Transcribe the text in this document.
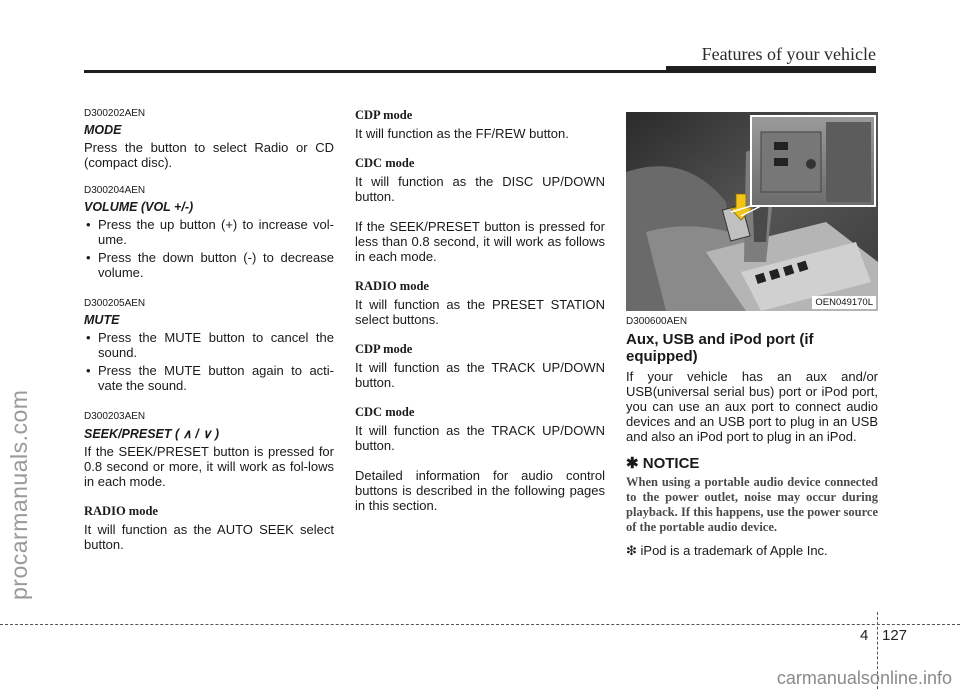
Features of your vehicle
procarmanuals.com
D300202AEN
MODE

Press the button to select Radio or CD (compact disc).

D300204AEN
VOLUME (VOL +/-)
• Press the up button (+) to increase vol-ume.
• Press the down button (-) to decrease volume.
D300205AEN
MUTE
• Press the MUTE button to cancel the sound.
• Press the MUTE button again to acti-vate the sound.
D300203AEN
SEEK/PRESET ( ∧ / ∨ )

If the SEEK/PRESET button is pressed for 0.8 second or more, it will work as fol-lows in each mode.

RADIO mode

It will function as the AUTO SEEK select button.

CDP mode

It will function as the FF/REW button.

CDC mode

It will function as the DISC UP/DOWN button.

If the SEEK/PRESET button is pressed for less than 0.8 second, it will work as follows in each mode.

RADIO mode

It will function as the PRESET STATION select buttons.

CDP mode

It will function as the TRACK UP/DOWN button.

CDC mode

It will function as the TRACK UP/DOWN button.

Detailed information for audio control buttons is described in the following pages in this section.

OEN049170L
D300600AEN
Aux, USB and iPod port (if equipped)

If your vehicle has an aux and/or USB(universal serial bus) port or iPod port, you can use an aux port to connect audio devices and an USB port to plug in an USB and also an iPod port to plug in an iPod.

✱ NOTICE

When using a portable audio device connected to the power outlet, noise may occur during playback. If this happens, use the power source of the portable audio device.

❇ iPod is a trademark of Apple Inc.

4 127
carmanualsonline.info
